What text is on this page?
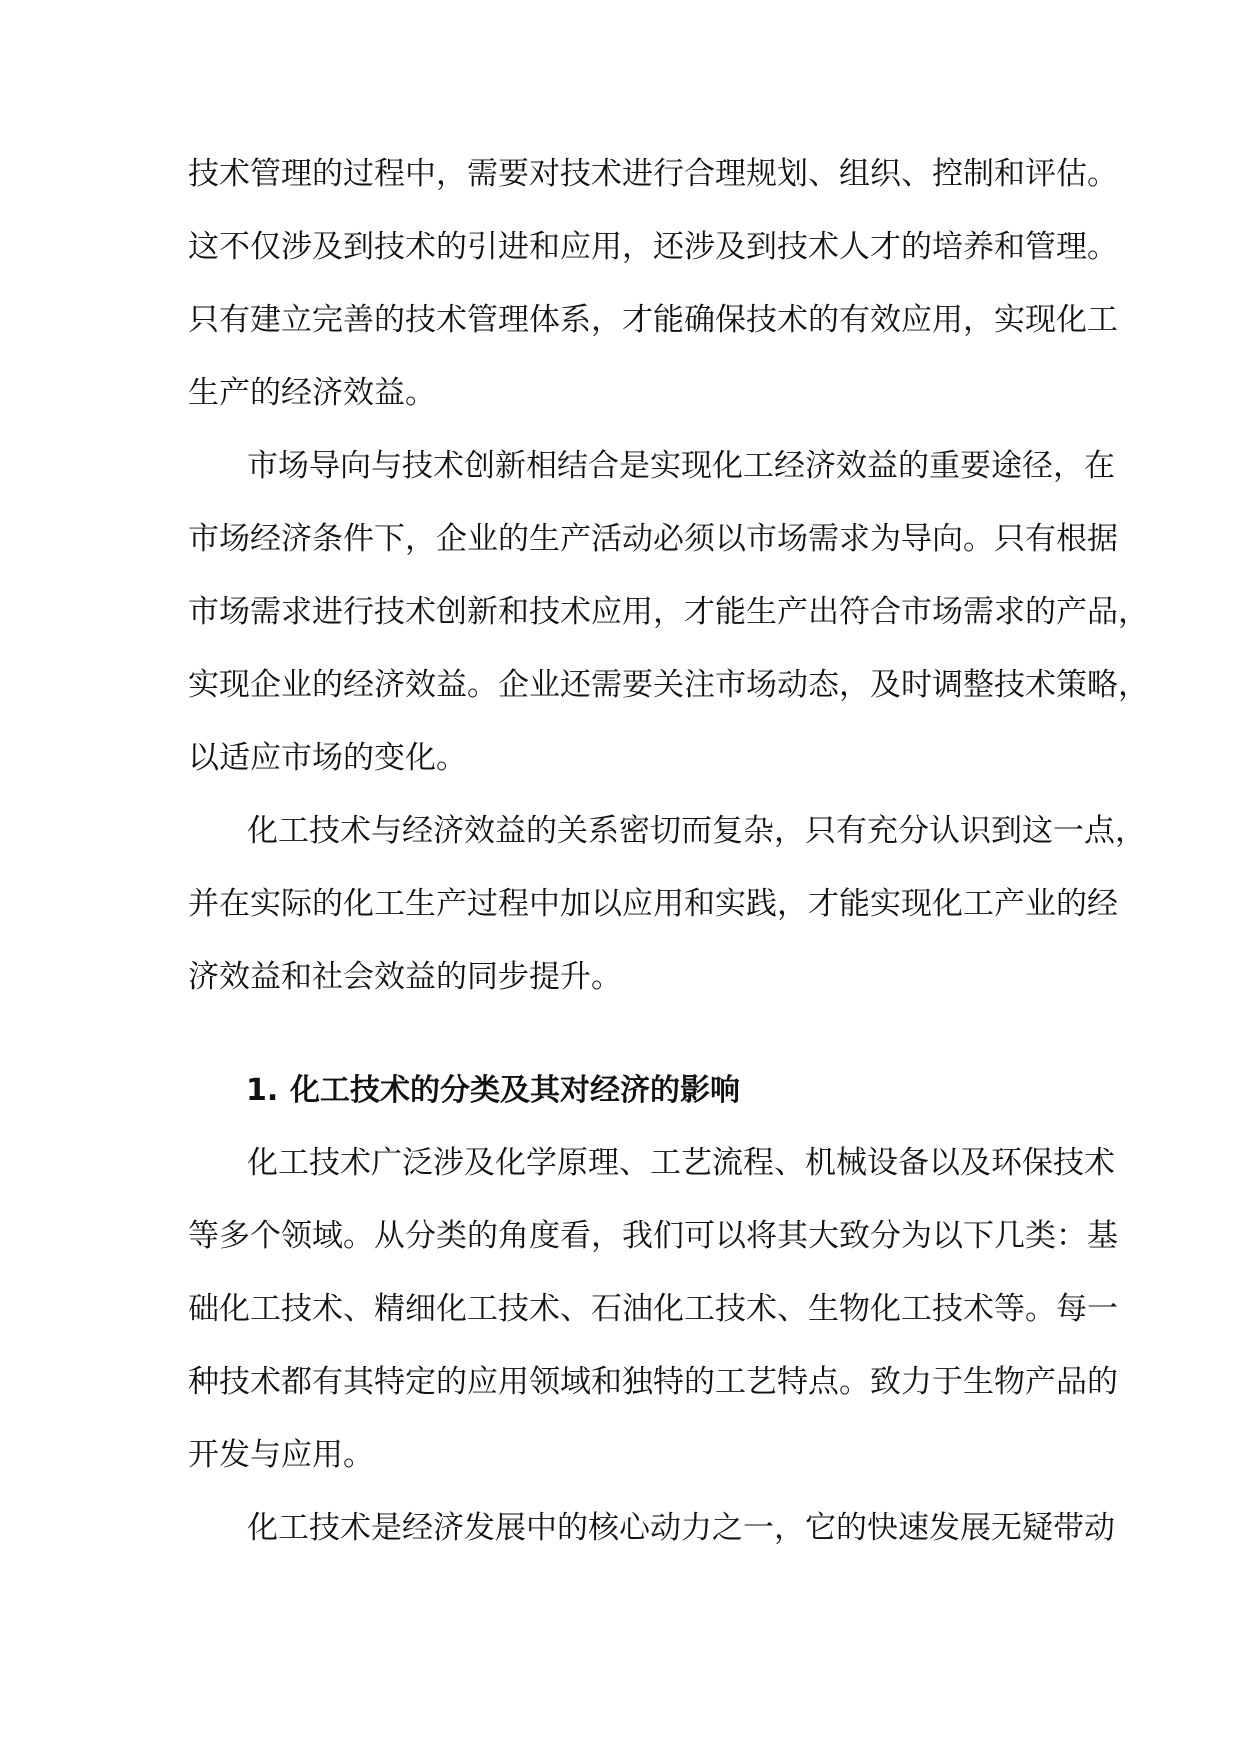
技术管理的过程中，需要对技术进行合理规划、组织、控制和评估。
这不仅涉及到技术的引进和应用，还涉及到技术人才的培养和管理。
只有建立完善的技术管理体系，才能确保技术的有效应用，实现化工
生产的经济效益。
市场导向与技术创新相结合是实现化工经济效益的重要途径，在
市场经济条件下，企业的生产活动必须以市场需求为导向。只有根据
市场需求进行技术创新和技术应用，才能生产出符合市场需求的产品，
实现企业的经济效益。企业还需要关注市场动态，及时调整技术策略，
以适应市场的变化。
化工技术与经济效益的关系密切而复杂，只有充分认识到这一点，
并在实际的化工生产过程中加以应用和实践，才能实现化工产业的经
济效益和社会效益的同步提升。
1. 化工技术的分类及其对经济的影响
化工技术广泛涉及化学原理、工艺流程、机械设备以及环保技术
等多个领域。从分类的角度看，我们可以将其大致分为以下几类：基
础化工技术、精细化工技术、石油化工技术、生物化工技术等。每一
种技术都有其特定的应用领域和独特的工艺特点。致力于生物产品的
开发与应用。
化工技术是经济发展中的核心动力之一，它的快速发展无疑带动
